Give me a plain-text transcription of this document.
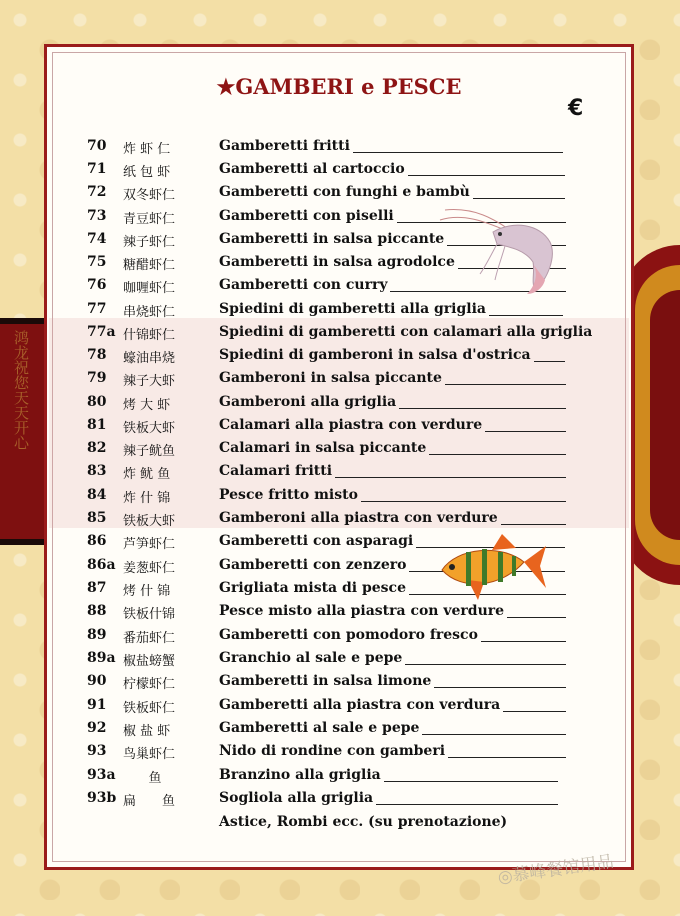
鸿龙祝您天天开心
★GAMBERI e PESCE
€
70 炸 虾 仁	Gamberetti fritti
71 纸 包 虾	Gamberetti al cartoccio
72 双冬虾仁	Gamberetti con funghi e bambù
73 青豆虾仁	Gamberetti con piselli
74 辣子虾仁	Gamberetti in salsa piccante
75 糖醋虾仁	Gamberetti in salsa agrodolce
76 咖喱虾仁	Gamberetti con curry
77 串烧虾仁	Spiedini di gamberetti alla griglia
77a 什锦虾仁	Spiedini di gamberetti con calamari alla griglia
78 蠔油串烧	Spiedini di gamberoni in salsa d'ostrica
79 辣子大虾	Gamberoni in salsa piccante
80 烤 大 虾	Gamberoni alla griglia
81 铁板大虾	Calamari alla piastra con verdure
82 辣子鱿鱼	Calamari in salsa piccante
83 炸 鱿 鱼	Calamari fritti
84 炸 什 锦	Pesce fritto misto
85 铁板大虾	Gamberoni alla piastra con verdure
86 芦笋虾仁	Gamberetti con asparagi
86a 姜葱虾仁	Gamberetti con zenzero
87 烤 什 锦	Grigliata mista di pesce
88 铁板什锦	Pesce misto alla piastra con verdure
89 番茄虾仁	Gamberetti con pomodoro fresco
89a 椒盐螃蟹	Granchio al sale e pepe
90 柠檬虾仁	Gamberetti in salsa limone
91 铁板虾仁	Gamberetti alla piastra con verdura
92 椒 盐 虾	Gamberetti al sale e pepe
93 鸟巢虾仁	Nido di rondine con gamberi
93a	鱼	Branzino alla griglia
93b 扁　　鱼	Sogliola alla griglia
Astice, Rombi ecc. (su prenotazione)
◎慕峰餐馆用品
